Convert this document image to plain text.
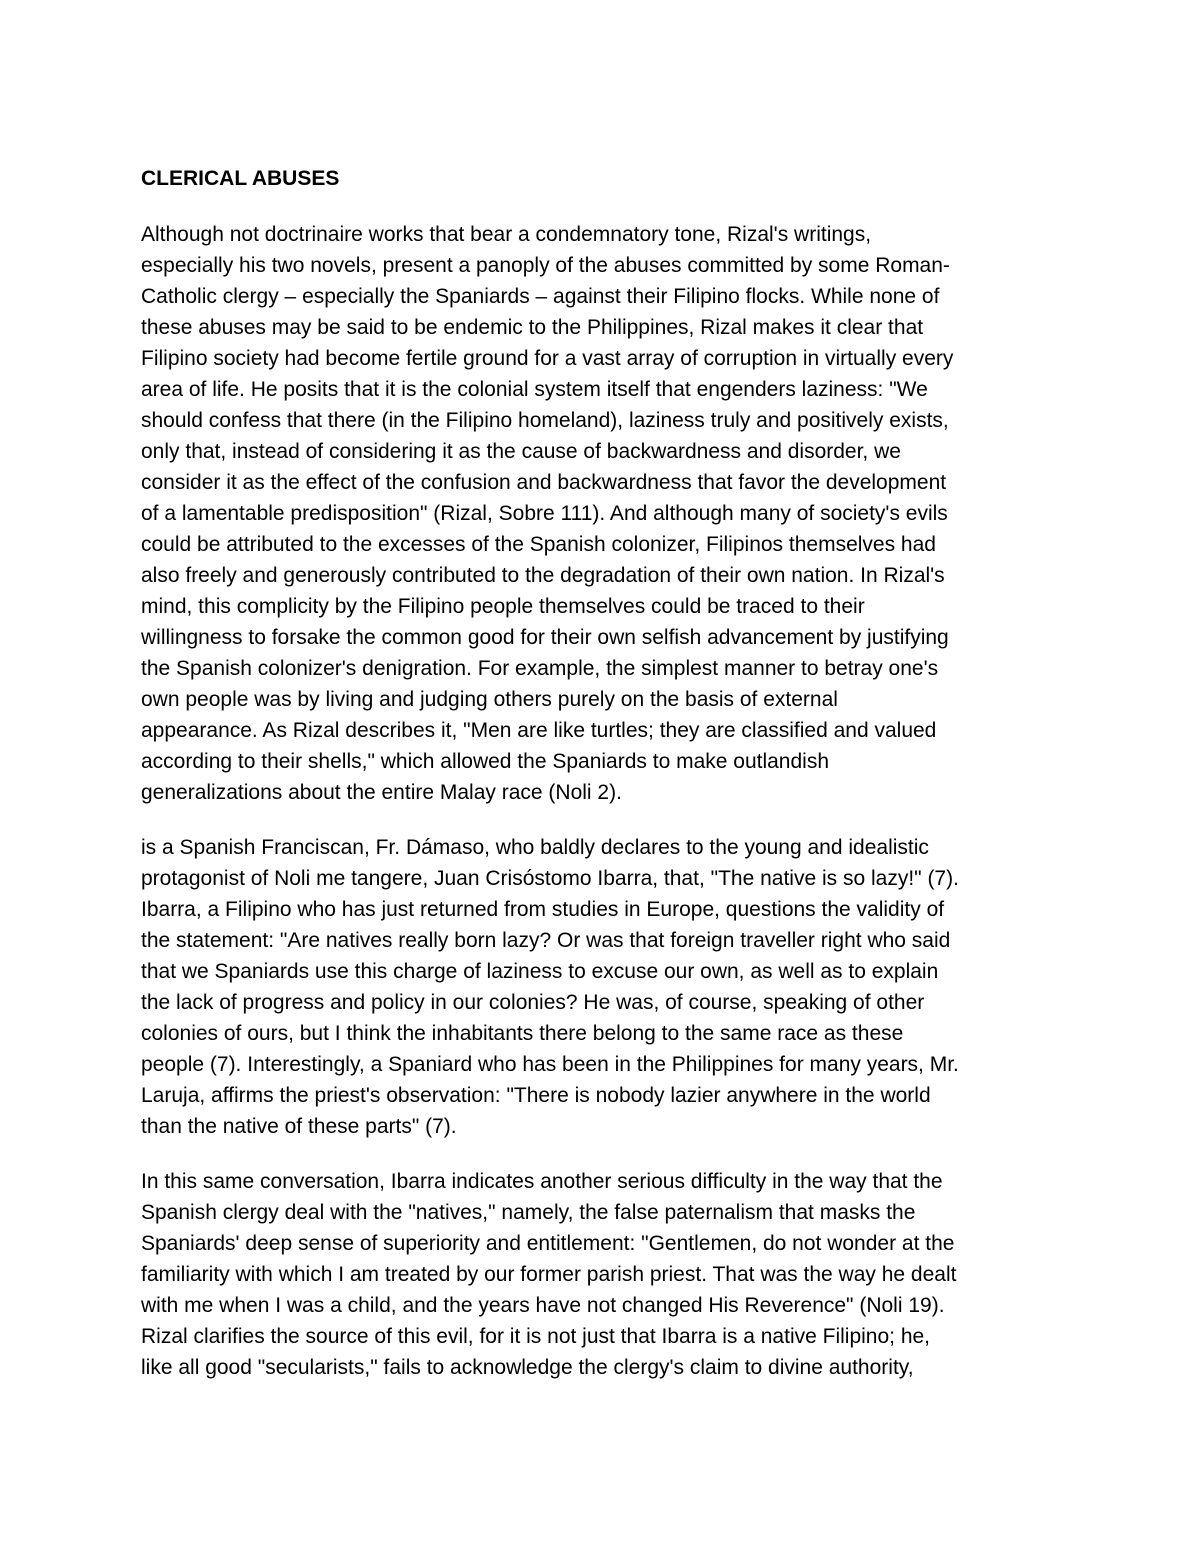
CLERICAL ABUSES
Although not doctrinaire works that bear a condemnatory tone, Rizal's writings,
especially his two novels, present a panoply of the abuses committed by some Roman-
Catholic clergy – especially the Spaniards – against their Filipino flocks. While none of
these abuses may be said to be endemic to the Philippines, Rizal makes it clear that
Filipino society had become fertile ground for a vast array of corruption in virtually every
area of life. He posits that it is the colonial system itself that engenders laziness: "We
should confess that there (in the Filipino homeland), laziness truly and positively exists,
only that, instead of considering it as the cause of backwardness and disorder, we
consider it as the effect of the confusion and backwardness that favor the development
of a lamentable predisposition" (Rizal, Sobre 111). And although many of society's evils
could be attributed to the excesses of the Spanish colonizer, Filipinos themselves had
also freely and generously contributed to the degradation of their own nation. In Rizal's
mind, this complicity by the Filipino people themselves could be traced to their
willingness to forsake the common good for their own selfish advancement by justifying
the Spanish colonizer's denigration. For example, the simplest manner to betray one's
own people was by living and judging others purely on the basis of external
appearance. As Rizal describes it, "Men are like turtles; they are classified and valued
according to their shells," which allowed the Spaniards to make outlandish
generalizations about the entire Malay race (Noli 2).
is a Spanish Franciscan, Fr. Dámaso, who baldly declares to the young and idealistic
protagonist of Noli me tangere, Juan Crisóstomo Ibarra, that, "The native is so lazy!" (7).
Ibarra, a Filipino who has just returned from studies in Europe, questions the validity of
the statement: "Are natives really born lazy? Or was that foreign traveller right who said
that we Spaniards use this charge of laziness to excuse our own, as well as to explain
the lack of progress and policy in our colonies? He was, of course, speaking of other
colonies of ours, but I think the inhabitants there belong to the same race as these
people (7). Interestingly, a Spaniard who has been in the Philippines for many years, Mr.
Laruja, affirms the priest's observation: "There is nobody lazier anywhere in the world
than the native of these parts" (7).
In this same conversation, Ibarra indicates another serious difficulty in the way that the
Spanish clergy deal with the "natives," namely, the false paternalism that masks the
Spaniards' deep sense of superiority and entitlement: "Gentlemen, do not wonder at the
familiarity with which I am treated by our former parish priest. That was the way he dealt
with me when I was a child, and the years have not changed His Reverence" (Noli 19).
Rizal clarifies the source of this evil, for it is not just that Ibarra is a native Filipino; he,
like all good "secularists," fails to acknowledge the clergy's claim to divine authority,
